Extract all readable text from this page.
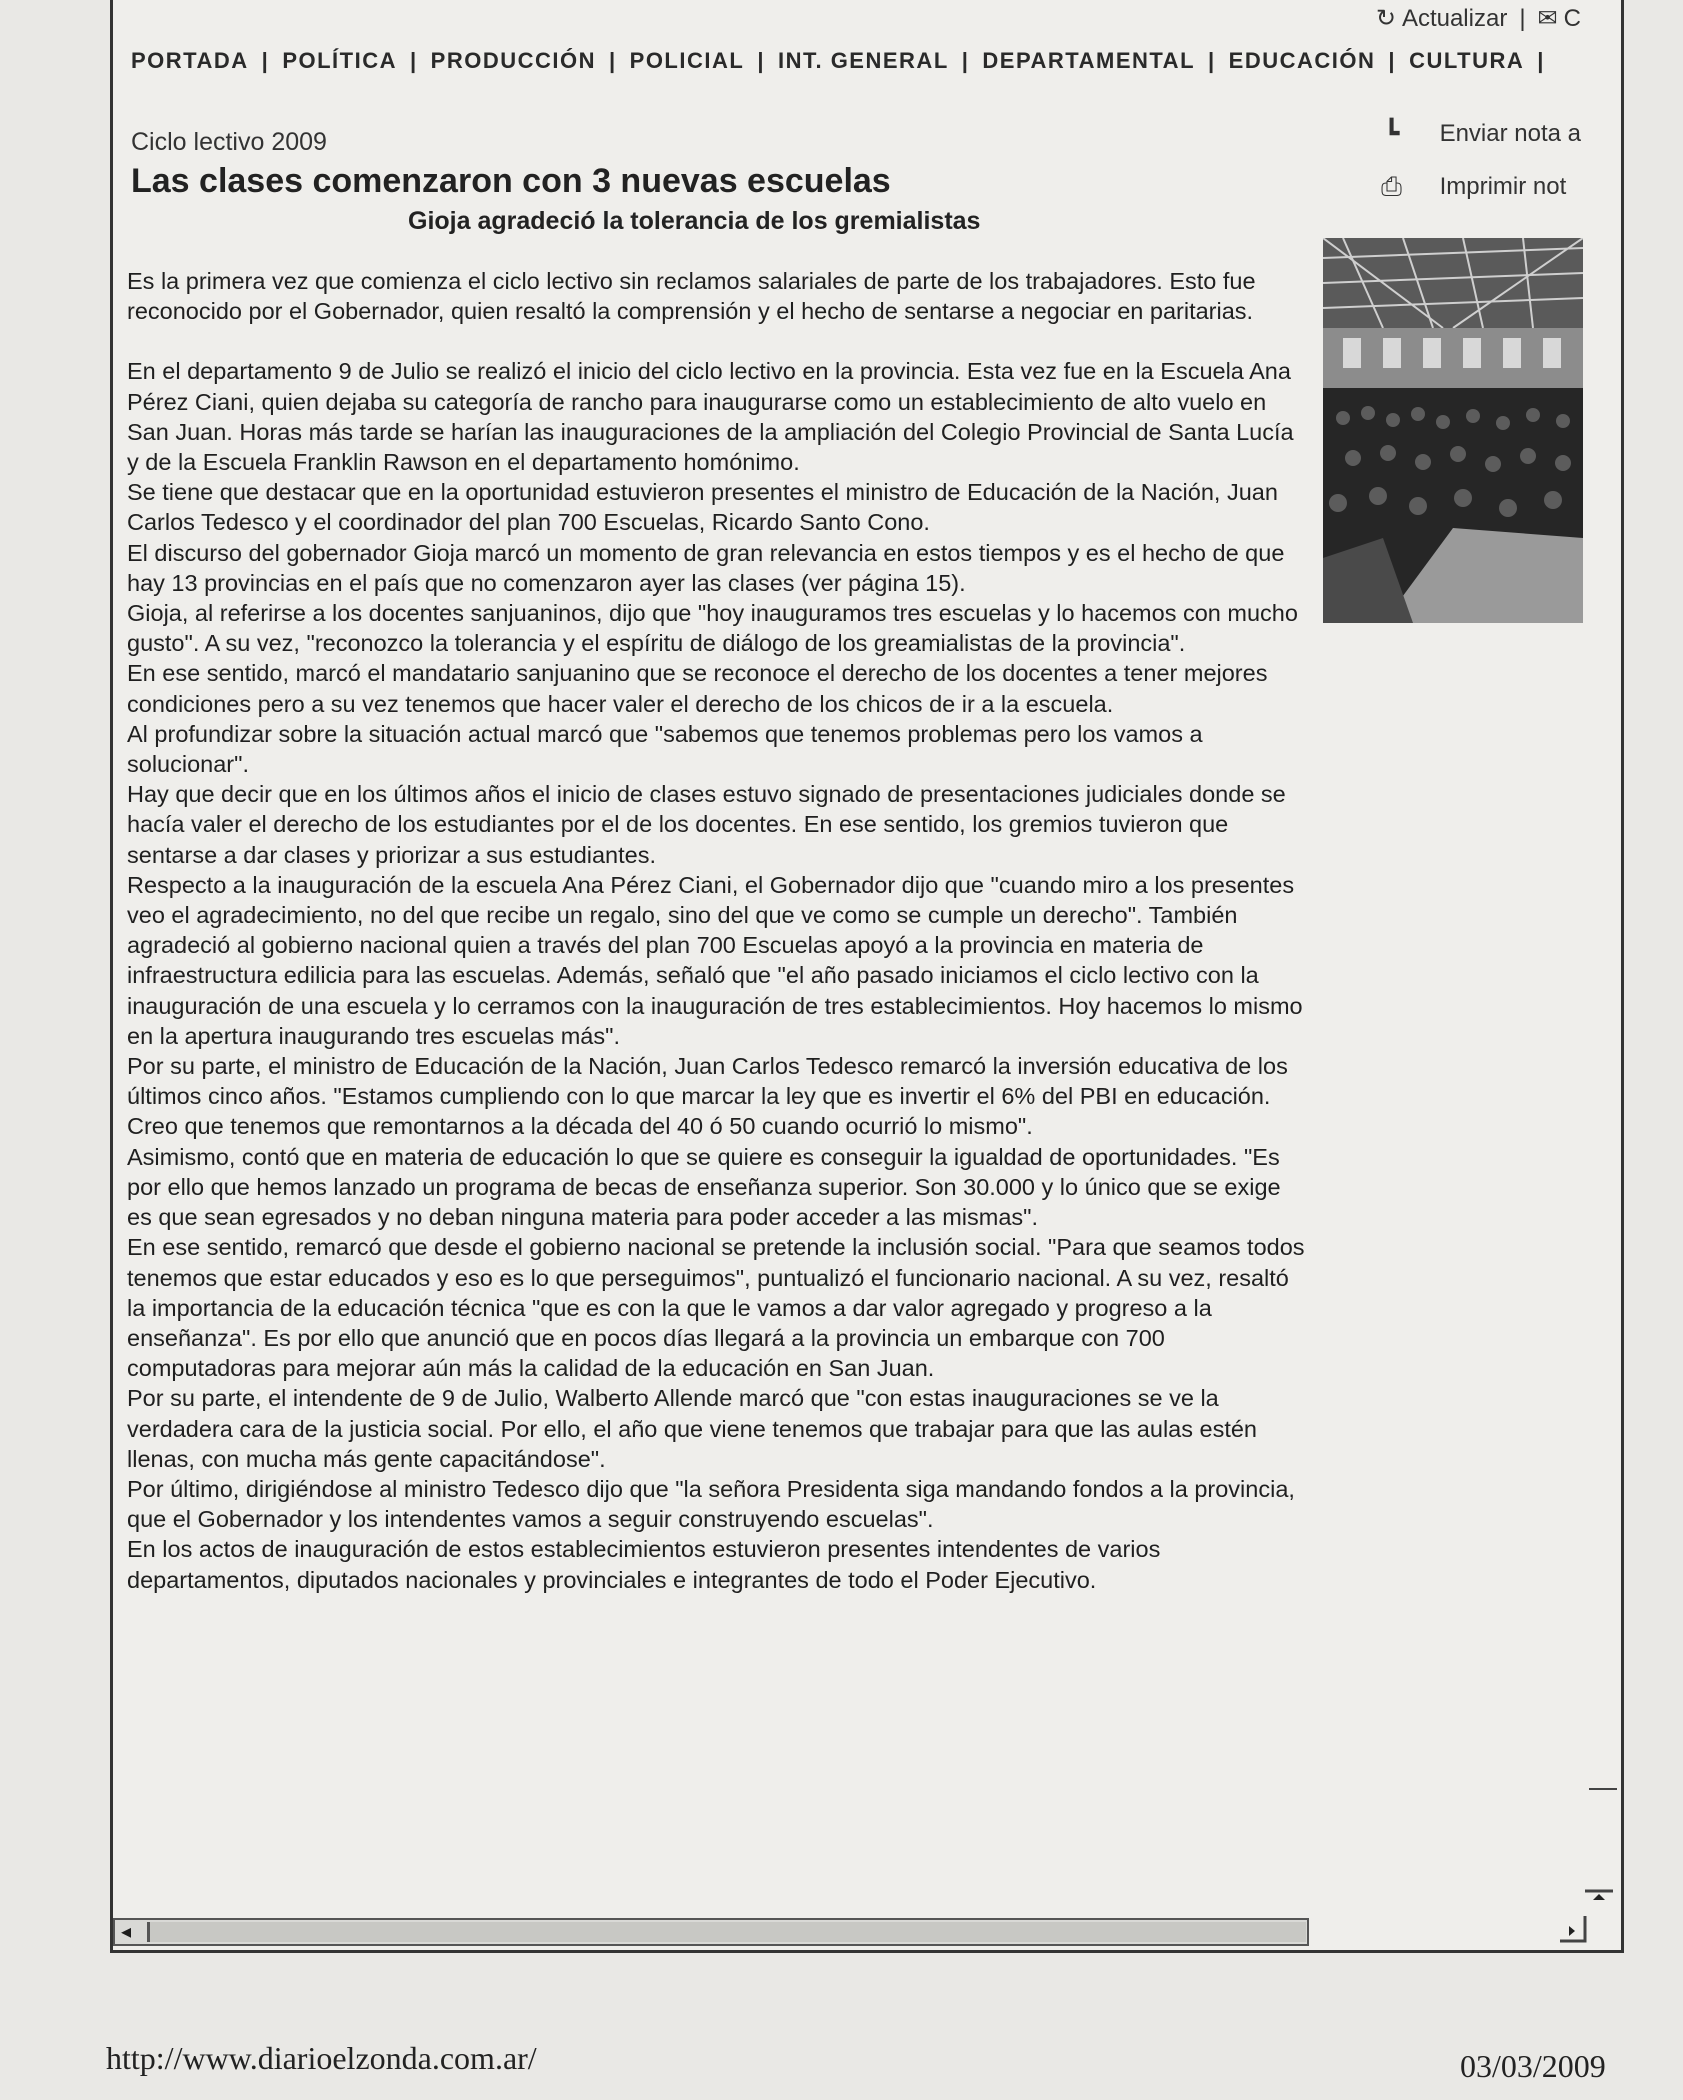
↻ Actualizar | ✉ C
PORTADA | POLÍTICA | PRODUCCIÓN | POLICIAL | INT. GENERAL | DEPARTAMENTAL | EDUCACIÓN | CULTURA |
┗	Enviar nota a
⎙	Imprimir not
Ciclo lectivo 2009
Las clases comenzaron con 3 nuevas escuelas
Gioja agradeció la tolerancia de los gremialistas

Es la primera vez que comienza el ciclo lectivo sin reclamos salariales de parte de los trabajadores. Esto fue reconocido por el Gobernador, quien resaltó la comprensión y el hecho de sentarse a negociar en paritarias.

En el departamento 9 de Julio se realizó el inicio del ciclo lectivo en la provincia. Esta vez fue en la Escuela Ana Pérez Ciani, quien dejaba su categoría de rancho para inaugurarse como un establecimiento de alto vuelo en San Juan. Horas más tarde se harían las inauguraciones de la ampliación del Colegio Provincial de Santa Lucía y de la Escuela Franklin Rawson en el departamento homónimo.

Se tiene que destacar que en la oportunidad estuvieron presentes el ministro de Educación de la Nación, Juan Carlos Tedesco y el coordinador del plan 700 Escuelas, Ricardo Santo Cono.

El discurso del gobernador Gioja marcó un momento de gran relevancia en estos tiempos y es el hecho de que hay 13 provincias en el país que no comenzaron ayer las clases (ver página 15).

Gioja, al referirse a los docentes sanjuaninos, dijo que "hoy inauguramos tres escuelas y lo hacemos con mucho gusto". A su vez, "reconozco la tolerancia y el espíritu de diálogo de los greamialistas de la provincia".

En ese sentido, marcó el mandatario sanjuanino que se reconoce el derecho de los docentes a tener mejores condiciones pero a su vez tenemos que hacer valer el derecho de los chicos de ir a la escuela.

Al profundizar sobre la situación actual marcó que "sabemos que tenemos problemas pero los vamos a solucionar".

Hay que decir que en los últimos años el inicio de clases estuvo signado de presentaciones judiciales donde se hacía valer el derecho de los estudiantes por el de los docentes. En ese sentido, los gremios tuvieron que sentarse a dar clases y priorizar a sus estudiantes.

Respecto a la inauguración de la escuela Ana Pérez Ciani, el Gobernador dijo que "cuando miro a los presentes veo el agradecimiento, no del que recibe un regalo, sino del que ve como se cumple un derecho". También agradeció al gobierno nacional quien a través del plan 700 Escuelas apoyó a la provincia en materia de infraestructura edilicia para las escuelas. Además, señaló que "el año pasado iniciamos el ciclo lectivo con la inauguración de una escuela y lo cerramos con la inauguración de tres establecimientos. Hoy hacemos lo mismo en la apertura inaugurando tres escuelas más".

Por su parte, el ministro de Educación de la Nación, Juan Carlos Tedesco remarcó la inversión educativa de los últimos cinco años. "Estamos cumpliendo con lo que marcar la ley que es invertir el 6% del PBI en educación. Creo que tenemos que remontarnos a la década del 40 ó 50 cuando ocurrió lo mismo".

Asimismo, contó que en materia de educación lo que se quiere es conseguir la igualdad de oportunidades. "Es por ello que hemos lanzado un programa de becas de enseñanza superior. Son 30.000 y lo único que se exige es que sean egresados y no deban ninguna materia para poder acceder a las mismas".

En ese sentido, remarcó que desde el gobierno nacional se pretende la inclusión social. "Para que seamos todos tenemos que estar educados y eso es lo que perseguimos", puntualizó el funcionario nacional. A su vez, resaltó la importancia de la educación técnica "que es con la que le vamos a dar valor agregado y progreso a la enseñanza". Es por ello que anunció que en pocos días llegará a la provincia un embarque con 700 computadoras para mejorar aún más la calidad de la educación en San Juan.

Por su parte, el intendente de 9 de Julio, Walberto Allende marcó que "con estas inauguraciones se ve la verdadera cara de la justicia social. Por ello, el año que viene tenemos que trabajar para que las aulas estén llenas, con mucha más gente capacitándose".

Por último, dirigiéndose al ministro Tedesco dijo que "la señora Presidenta siga mandando fondos a la provincia, que el Gobernador y los intendentes vamos a seguir construyendo escuelas".

En los actos de inauguración de estos establecimientos estuvieron presentes intendentes de varios departamentos, diputados nacionales y provinciales e integrantes de todo el Poder Ejecutivo.

◂
http://www.diarioelzonda.com.ar/	03/03/2009
